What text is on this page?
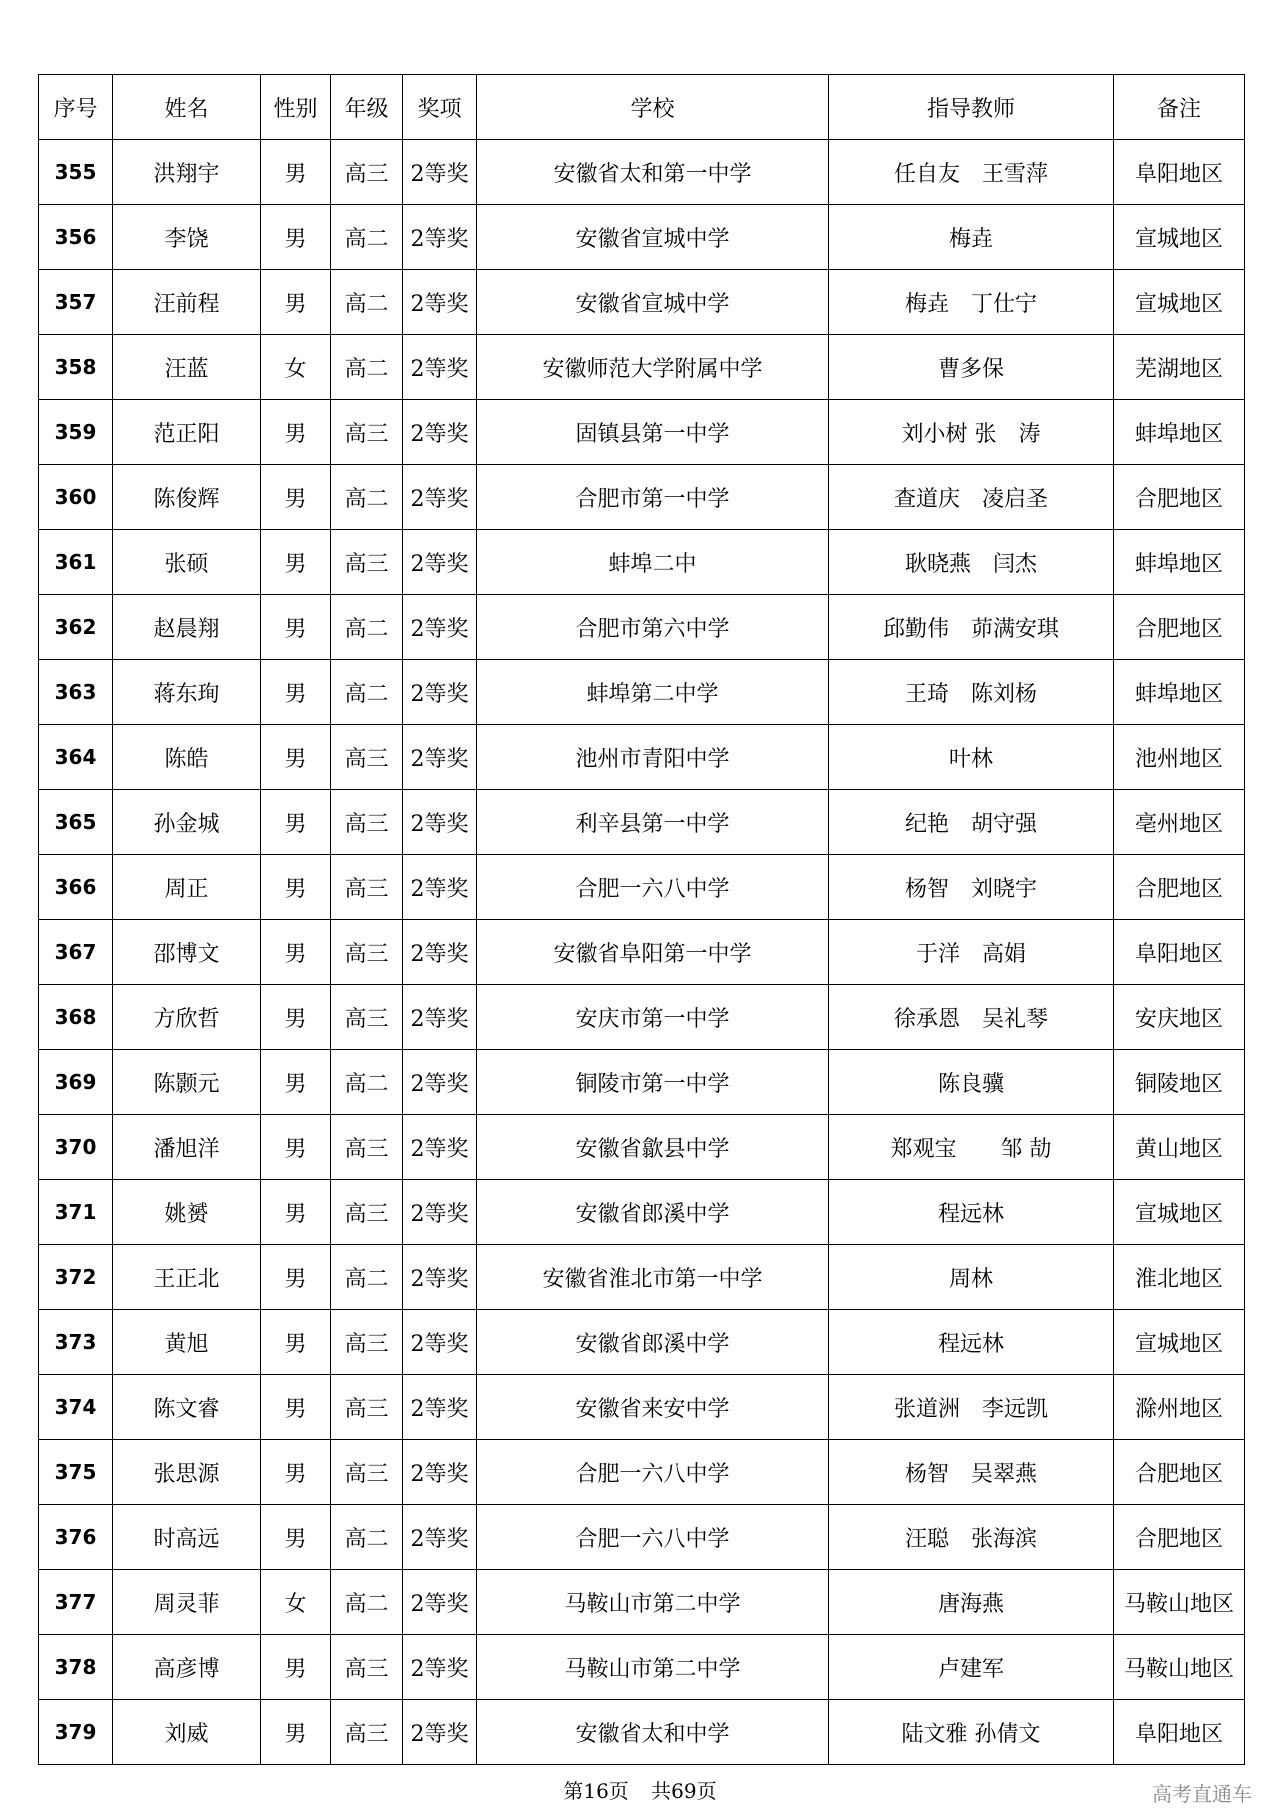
序号	姓名	性别	年级	奖项	学校	指导教师	备注
355	洪翔宇	男	高三	2等奖	安徽省太和第一中学	任自友　王雪萍	阜阳地区
356	李饶	男	高二	2等奖	安徽省宣城中学	梅垚	宣城地区
357	汪前程	男	高二	2等奖	安徽省宣城中学	梅垚　丁仕宁	宣城地区
358	汪蓝	女	高二	2等奖	安徽师范大学附属中学	曹多保	芜湖地区
359	范正阳	男	高三	2等奖	固镇县第一中学	刘小树 张　涛	蚌埠地区
360	陈俊辉	男	高二	2等奖	合肥市第一中学	查道庆　凌启圣	合肥地区
361	张硕	男	高三	2等奖	蚌埠二中	耿晓燕　闫杰	蚌埠地区
362	赵晨翔	男	高二	2等奖	合肥市第六中学	邱勤伟　茆满安琪	合肥地区
363	蒋东珣	男	高二	2等奖	蚌埠第二中学	王琦　陈刘杨	蚌埠地区
364	陈皓	男	高三	2等奖	池州市青阳中学	叶林	池州地区
365	孙金城	男	高三	2等奖	利辛县第一中学	纪艳　胡守强	亳州地区
366	周正	男	高三	2等奖	合肥一六八中学	杨智　刘晓宇	合肥地区
367	邵博文	男	高三	2等奖	安徽省阜阳第一中学	于洋　高娟	阜阳地区
368	方欣哲	男	高三	2等奖	安庆市第一中学	徐承恩　吴礼琴	安庆地区
369	陈颢元	男	高二	2等奖	铜陵市第一中学	陈良骥	铜陵地区
370	潘旭洋	男	高三	2等奖	安徽省歙县中学	郑观宝　　邹 劼	黄山地区
371	姚赟	男	高三	2等奖	安徽省郎溪中学	程远林	宣城地区
372	王正北	男	高二	2等奖	安徽省淮北市第一中学	周林	淮北地区
373	黄旭	男	高三	2等奖	安徽省郎溪中学	程远林	宣城地区
374	陈文睿	男	高三	2等奖	安徽省来安中学	张道洲　李远凯	滁州地区
375	张思源	男	高三	2等奖	合肥一六八中学	杨智　吴翠燕	合肥地区
376	时高远	男	高二	2等奖	合肥一六八中学	汪聪　张海滨	合肥地区
377	周灵菲	女	高二	2等奖	马鞍山市第二中学	唐海燕	马鞍山地区
378	高彦博	男	高三	2等奖	马鞍山市第二中学	卢建军	马鞍山地区
379	刘威	男	高三	2等奖	安徽省太和中学	陆文雅 孙倩文	阜阳地区
第16页 共69页	高考直通车
